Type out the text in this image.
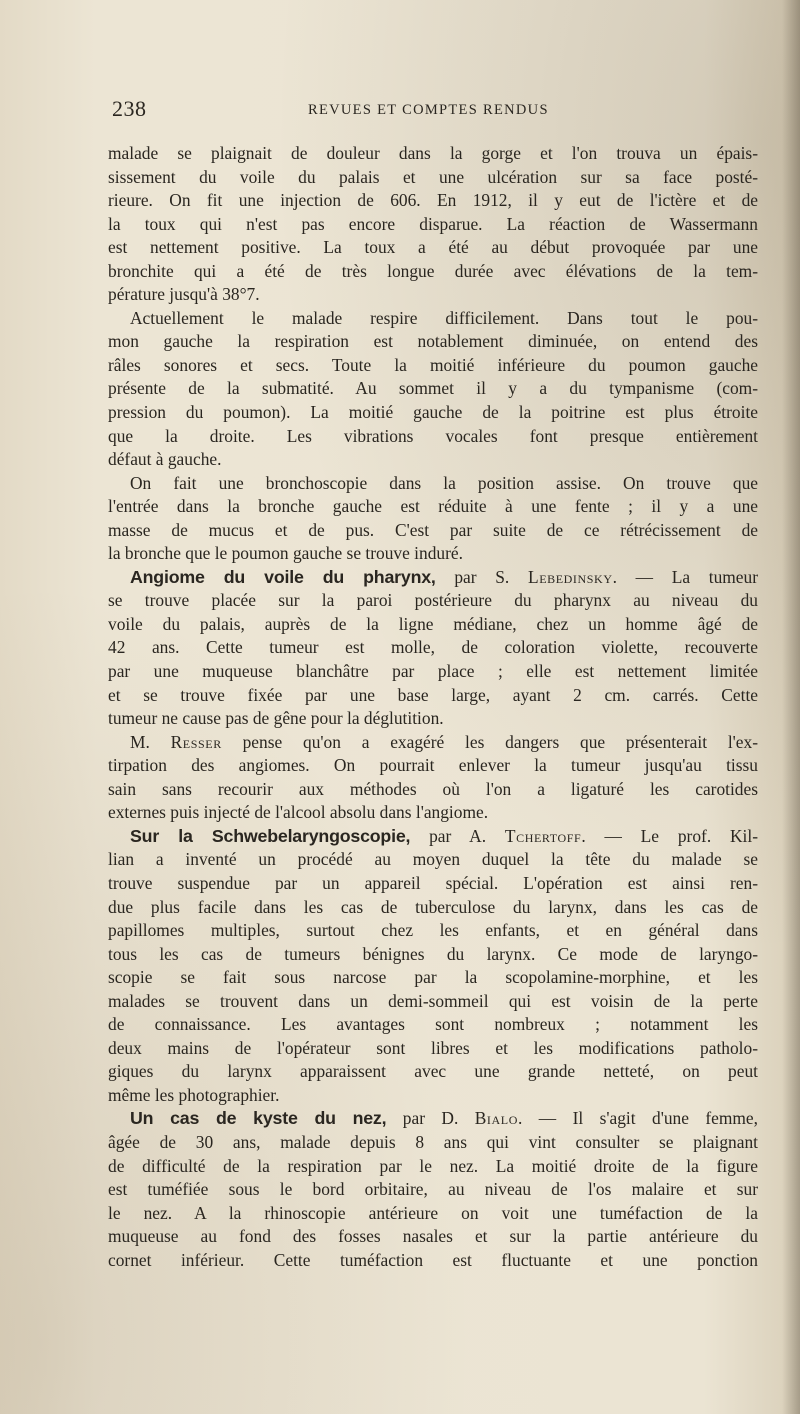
238	REVUES ET COMPTES RENDUS
malade se plaignait de douleur dans la gorge et l'on trouva un épais-
sissement du voile du palais et une ulcération sur sa face posté-
rieure. On fit une injection de 606. En 1912, il y eut de l'ictère et de
la toux qui n'est pas encore disparue. La réaction de Wassermann
est nettement positive. La toux a été au début provoquée par une
bronchite qui a été de très longue durée avec élévations de la tem-
pérature jusqu'à 38°7.
Actuellement le malade respire difficilement. Dans tout le pou-
mon gauche la respiration est notablement diminuée, on entend des
râles sonores et secs. Toute la moitié inférieure du poumon gauche
présente de la submatité. Au sommet il y a du tympanisme (com-
pression du poumon). La moitié gauche de la poitrine est plus étroite
que la droite. Les vibrations vocales font presque entièrement
défaut à gauche.
On fait une bronchoscopie dans la position assise. On trouve que
l'entrée dans la bronche gauche est réduite à une fente ; il y a une
masse de mucus et de pus. C'est par suite de ce rétrécissement de
la bronche que le poumon gauche se trouve induré.
Angiome du voile du pharynx, par S. Lebedinsky. — La tumeur
se trouve placée sur la paroi postérieure du pharynx au niveau du
voile du palais, auprès de la ligne médiane, chez un homme âgé de
42 ans. Cette tumeur est molle, de coloration violette, recouverte
par une muqueuse blanchâtre par place ; elle est nettement limitée
et se trouve fixée par une base large, ayant 2 cm. carrés. Cette
tumeur ne cause pas de gêne pour la déglutition.
M. Resser pense qu'on a exagéré les dangers que présenterait l'ex-
tirpation des angiomes. On pourrait enlever la tumeur jusqu'au tissu
sain sans recourir aux méthodes où l'on a ligaturé les carotides
externes puis injecté de l'alcool absolu dans l'angiome.
Sur la Schwebelaryngoscopie, par A. Tchertoff. — Le prof. Kil-
lian a inventé un procédé au moyen duquel la tête du malade se
trouve suspendue par un appareil spécial. L'opération est ainsi ren-
due plus facile dans les cas de tuberculose du larynx, dans les cas de
papillomes multiples, surtout chez les enfants, et en général dans
tous les cas de tumeurs bénignes du larynx. Ce mode de laryngo-
scopie se fait sous narcose par la scopolamine-morphine, et les
malades se trouvent dans un demi-sommeil qui est voisin de la perte
de connaissance. Les avantages sont nombreux ; notamment les
deux mains de l'opérateur sont libres et les modifications patholo-
giques du larynx apparaissent avec une grande netteté, on peut
même les photographier.
Un cas de kyste du nez, par D. Bialo. — Il s'agit d'une femme,
âgée de 30 ans, malade depuis 8 ans qui vint consulter se plaignant
de difficulté de la respiration par le nez. La moitié droite de la figure
est tuméfiée sous le bord orbitaire, au niveau de l'os malaire et sur
le nez. A la rhinoscopie antérieure on voit une tuméfaction de la
muqueuse au fond des fosses nasales et sur la partie antérieure du
cornet inférieur. Cette tuméfaction est fluctuante et une ponction
